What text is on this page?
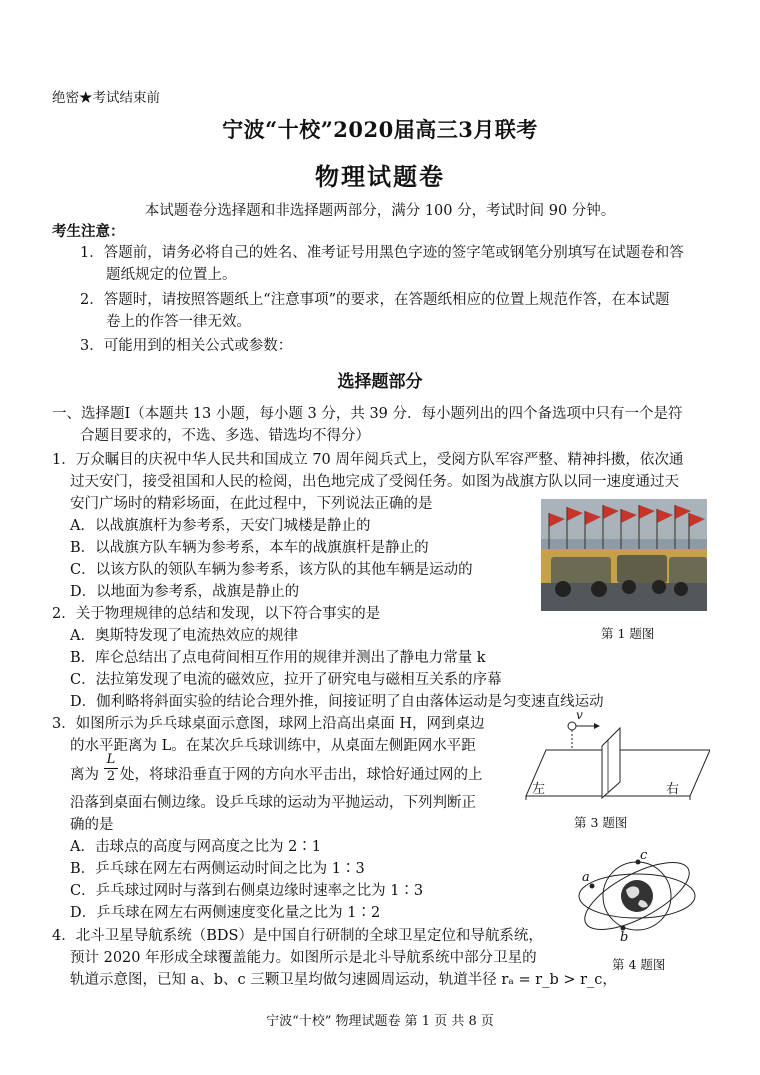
绝密★考试结束前
宁波“十校”2020届高三3月联考
物理试题卷
本试题卷分选择题和非选择题两部分，满分 100 分，考试时间 90 分钟。
考生注意：
1．答题前，请务必将自己的姓名、准考证号用黑色字迹的签字笔或钢笔分别填写在试题卷和答
题纸规定的位置上。
2．答题时，请按照答题纸上“注意事项”的要求，在答题纸相应的位置上规范作答，在本试题
卷上的作答一律无效。
3．可能用到的相关公式或参数：
选择题部分
一、选择题Ⅰ（本题共 13 小题，每小题 3 分，共 39 分．每小题列出的四个备选项中只有一个是符
合题目要求的，不选、多选、错选均不得分）
1．万众瞩目的庆祝中华人民共和国成立 70 周年阅兵式上，受阅方队军容严整、精神抖擞，依次通
过天安门，接受祖国和人民的检阅，出色地完成了受阅任务。如图为战旗方队以同一速度通过天
安门广场时的精彩场面，在此过程中，下列说法正确的是
A．以战旗旗杆为参考系，天安门城楼是静止的
B．以战旗方队车辆为参考系，本车的战旗旗杆是静止的
C．以该方队的领队车辆为参考系，该方队的其他车辆是运动的
D．以地面为参考系，战旗是静止的
第 1 题图
2．关于物理规律的总结和发现，以下符合事实的是
A．奥斯特发现了电流热效应的规律
B．库仑总结出了点电荷间相互作用的规律并测出了静电力常量 k
C．法拉第发现了电流的磁效应，拉开了研究电与磁相互关系的序幕
D．伽利略将斜面实验的结论合理外推，间接证明了自由落体运动是匀变速直线运动
3．如图所示为乒乓球桌面示意图，球网上沿高出桌面 H，网到桌边
的水平距离为 L。在某次乒乓球训练中，从桌面左侧距网水平距
离为 $\frac{L}{2}$ 处，将球沿垂直于网的方向水平击出，球恰好通过网的上
沿落到桌面右侧边缘。设乒乓球的运动为平抛运动，下列判断正
确的是
A．击球点的高度与网高度之比为 2∶1
B．乒乓球在网左右两侧运动时间之比为 1∶3
C．乒乓球过网时与落到右侧桌边缘时速率之比为 1∶3
D．乒乓球在网左右两侧速度变化量之比为 1∶2
v
左	右
第 3 题图
4．北斗卫星导航系统（BDS）是中国自行研制的全球卫星定位和导航系统，
预计 2020 年形成全球覆盖能力。如图所示是北斗导航系统中部分卫星的
轨道示意图，已知 a、b、c 三颗卫星均做匀速圆周运动，轨道半径 rₐ = r_b > r_c，
a
c
b
第 4 题图
宁波“十校” 物理试题卷 第 1 页 共 8 页
